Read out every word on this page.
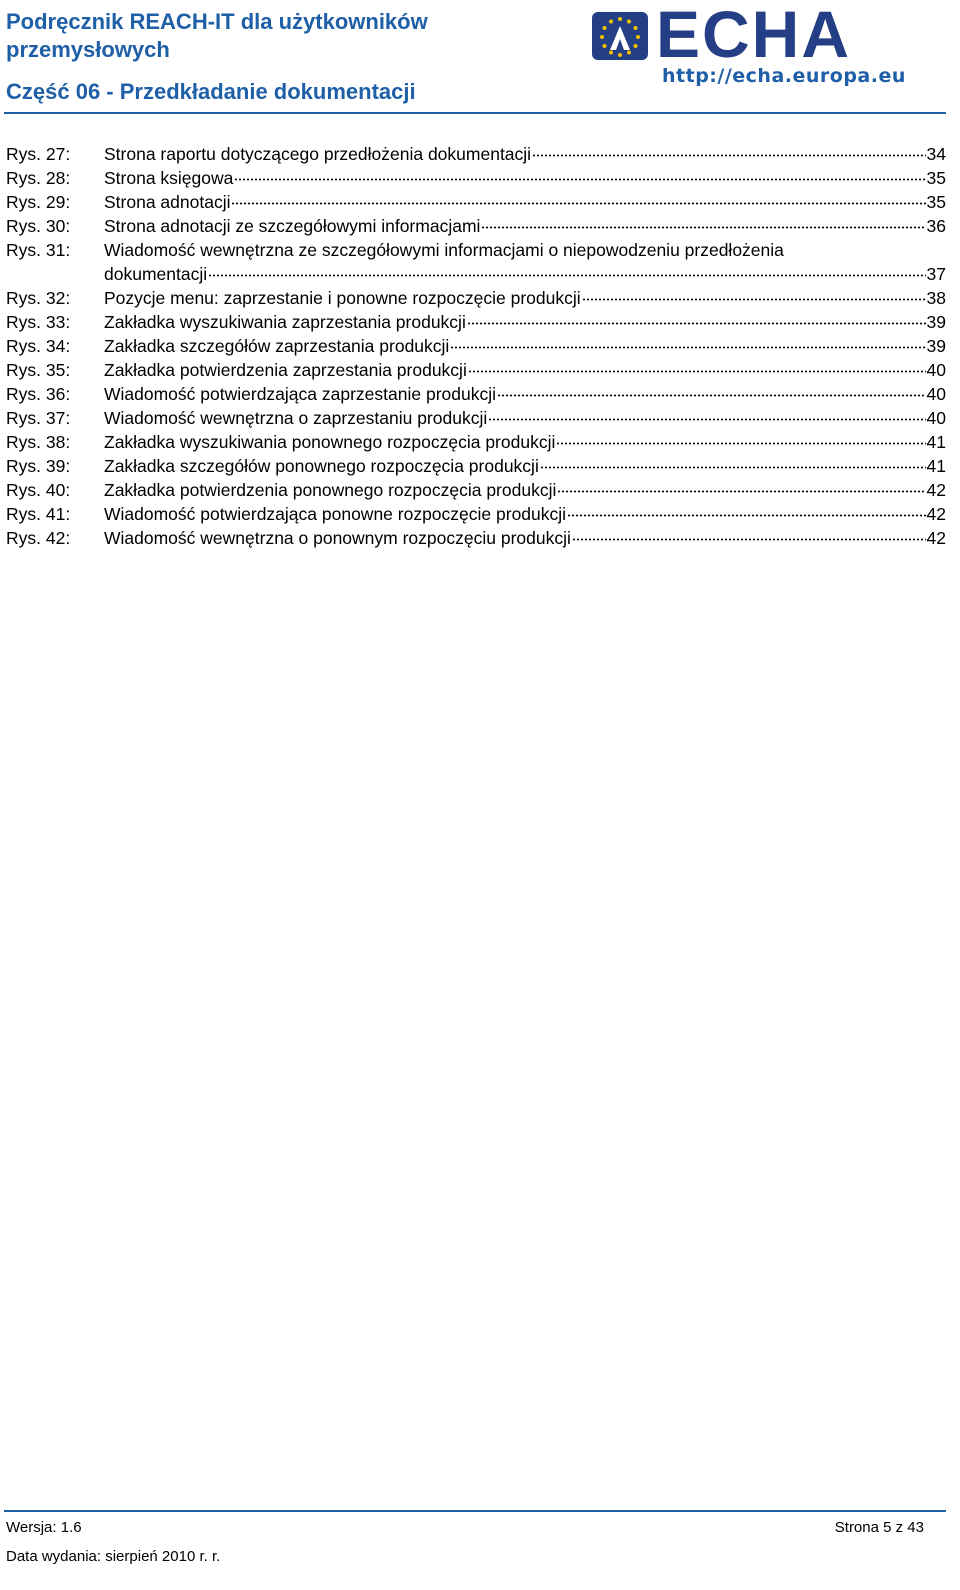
Podręcznik REACH-IT dla użytkowników przemysłowych
Część 06 - Przedkładanie dokumentacji
ECHA
http://echa.europa.eu
Rys. 27:	Strona raportu dotyczącego przedłożenia dokumentacji	34
Rys. 28:	Strona księgowa	35
Rys. 29:	Strona adnotacji	35
Rys. 30:	Strona adnotacji ze szczegółowymi informacjami	36
Rys. 31:	Wiadomość wewnętrzna ze szczegółowymi informacjami o niepowodzeniu przedłożenia
dokumentacji	37
Rys. 32:	Pozycje menu: zaprzestanie i ponowne rozpoczęcie produkcji	38
Rys. 33:	Zakładka wyszukiwania zaprzestania produkcji	39
Rys. 34:	Zakładka szczegółów zaprzestania produkcji	39
Rys. 35:	Zakładka potwierdzenia zaprzestania produkcji	40
Rys. 36:	Wiadomość potwierdzająca zaprzestanie produkcji	40
Rys. 37:	Wiadomość wewnętrzna o zaprzestaniu produkcji	40
Rys. 38:	Zakładka wyszukiwania ponownego rozpoczęcia produkcji	41
Rys. 39:	Zakładka szczegółów ponownego rozpoczęcia produkcji	41
Rys. 40:	Zakładka potwierdzenia ponownego rozpoczęcia produkcji	42
Rys. 41:	Wiadomość potwierdzająca ponowne rozpoczęcie produkcji	42
Rys. 42:	Wiadomość wewnętrzna o ponownym rozpoczęciu produkcji	42
Wersja: 1.6	Strona 5 z 43
Data wydania: sierpień 2010 r. r.
